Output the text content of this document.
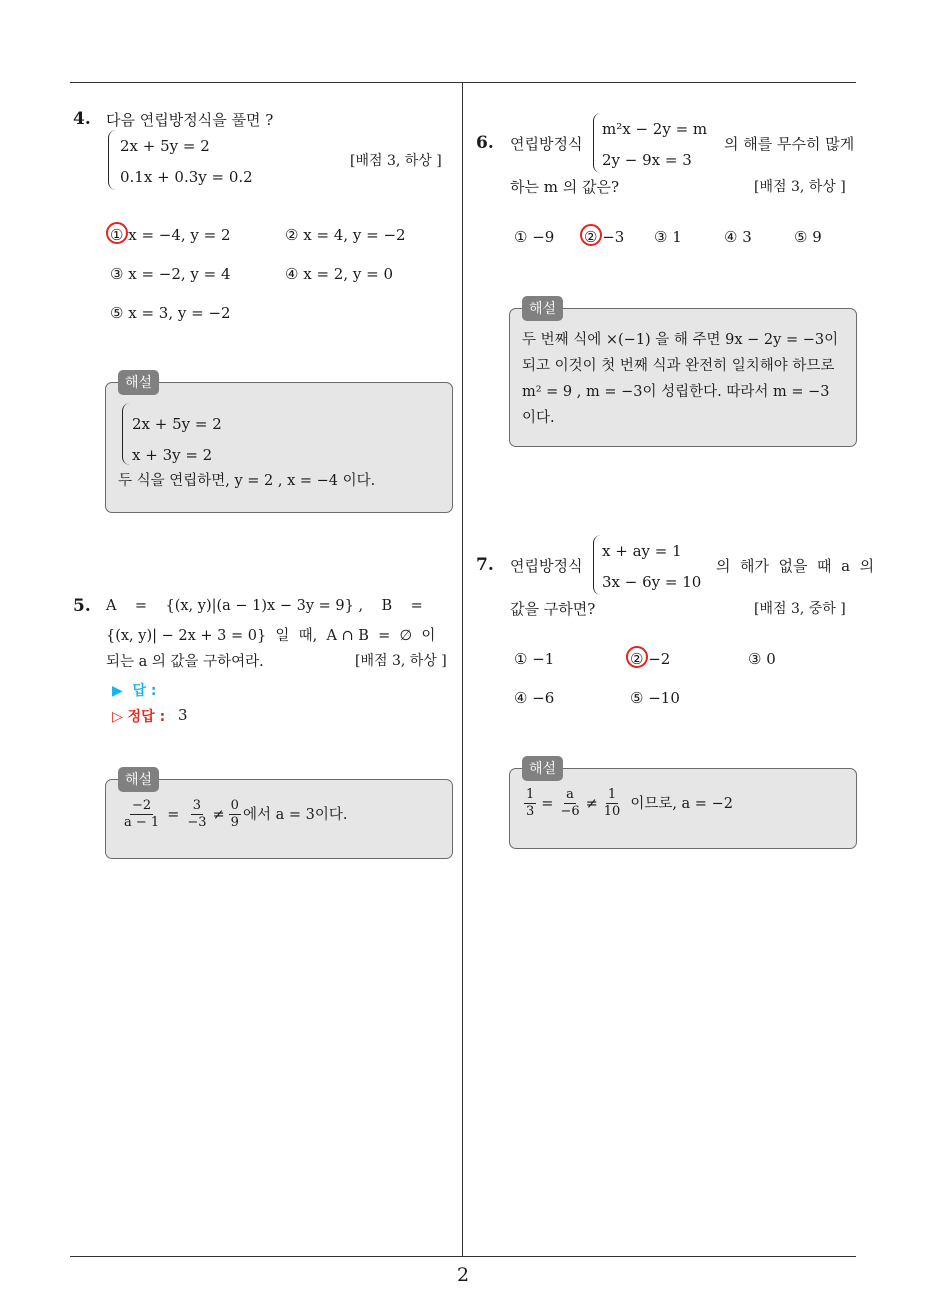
2
4. 다음 연립방정식을 풀면 ?
2x + 5y = 2
0.1x + 0.3y = 0.2
[배점 3, 하상 ]
① x = −4, y = 2	② x = 4, y = −2
③ x = −2, y = 4	④ x = 2, y = 0
⑤ x = 3, y = −2
2x + 5y = 2
x + 3y = 2
두 식을 연립하면, y = 2 , x = −4 이다.
해설
5. A    =    {(x, y)|(a − 1)x − 3y = 9} ,    B    =
{(x, y)| − 2x + 3 = 0}  일  때,  A ∩ B  =  ∅  이
되는 a 의 값을 구하여라.	[배점 3, 하상 ]
▶  답 :
▷ 정답 : 3
$\frac{-2}{a - 1} = \frac{3}{-3} \ne \frac{0}{9}$ 에서 a = 3이다.
해설
6. 연립방정식
m²x − 2y = m
2y − 9x = 3
의 해를 무수히 많게
하는 m 의 값은?	[배점 3, 하상 ]
① −9 ② −3 ③ 1	④ 3	⑤ 9
두 번째 식에 ×(−1) 을 해 주면 9x − 2y = −3이
되고 이것이 첫 번째 식과 완전히 일치해야 하므로
m² = 9 , m = −3이 성립한다. 따라서 m = −3
이다.
해설
7. 연립방정식
x + ay = 1
3x − 6y = 10
의  해가  없을  때  a  의
값을 구하면?	[배점 3, 중하 ]
① −1	② −2	③ 0
④ −6	⑤ −10
$\frac{1}{3} = \frac{a}{-6} \ne \frac{1}{10}$ 이므로, a = −2
해설
